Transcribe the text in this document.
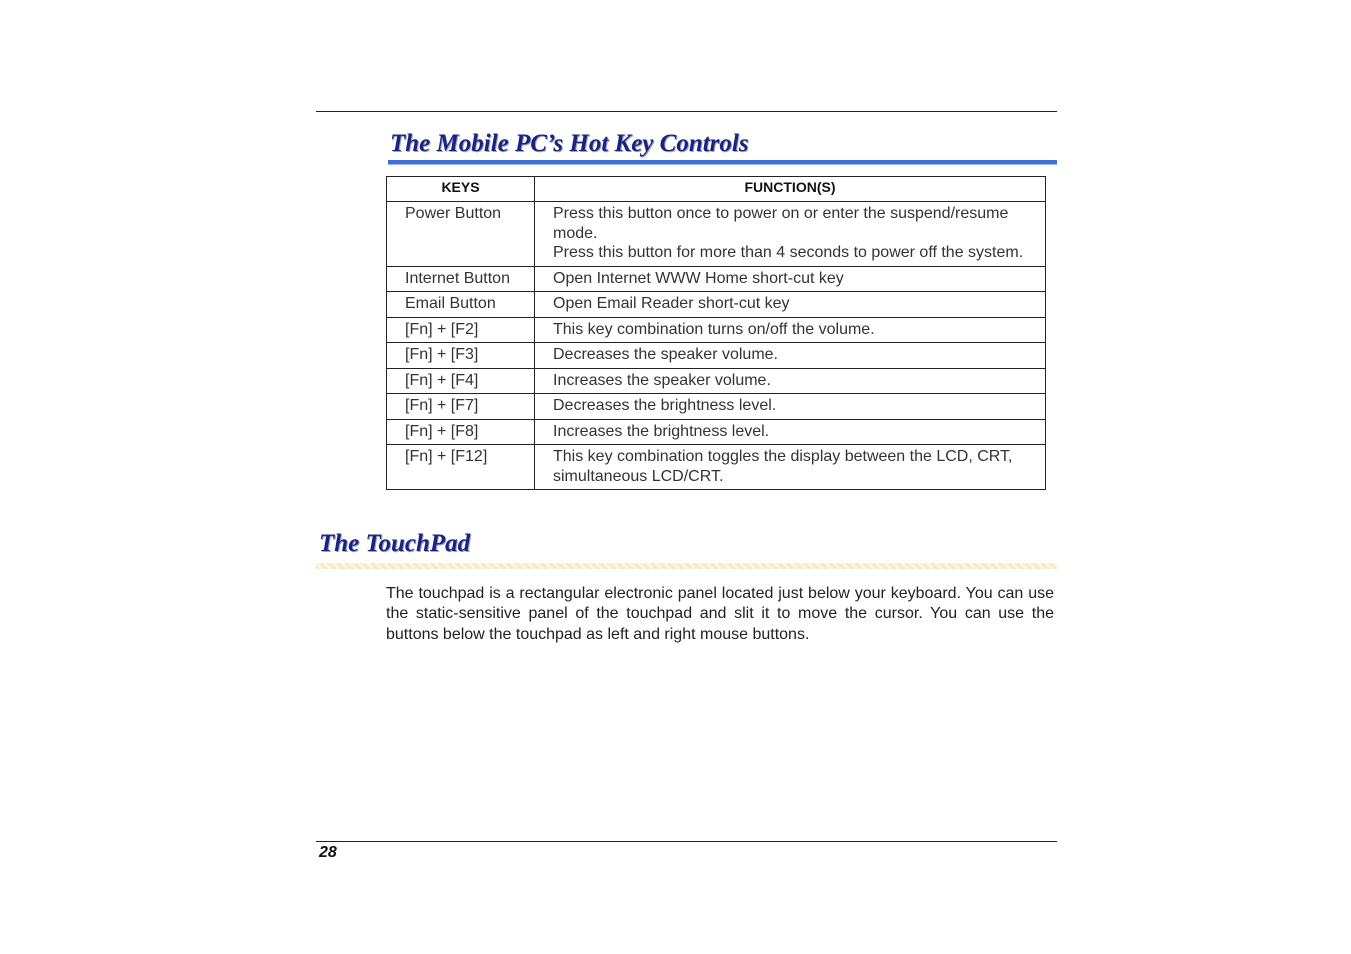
The Mobile PC’s Hot Key Controls
KEYS	FUNCTION(S)
Power Button	Press this button once to power on or enter the suspend/resume mode.
Press this button for more than 4 seconds to power off the system.

Internet Button	Open Internet WWW Home short-cut key

Email Button	Open Email Reader short-cut key

[Fn] + [F2]	This key combination turns on/off the volume.

[Fn] + [F3]	Decreases the speaker volume.

[Fn] + [F4]	Increases the speaker volume.

[Fn] + [F7]	Decreases the brightness level.

[Fn] + [F8]	Increases the brightness level.

[Fn] + [F12]	This key combination toggles the display between the LCD, CRT, simultaneous LCD/CRT.
The TouchPad

The touchpad is a rectangular electronic panel located just below your keyboard. You can use the static-sensitive panel of the touchpad and slit it to move the cursor. You can use the buttons below the touchpad as left and right mouse buttons.

28
